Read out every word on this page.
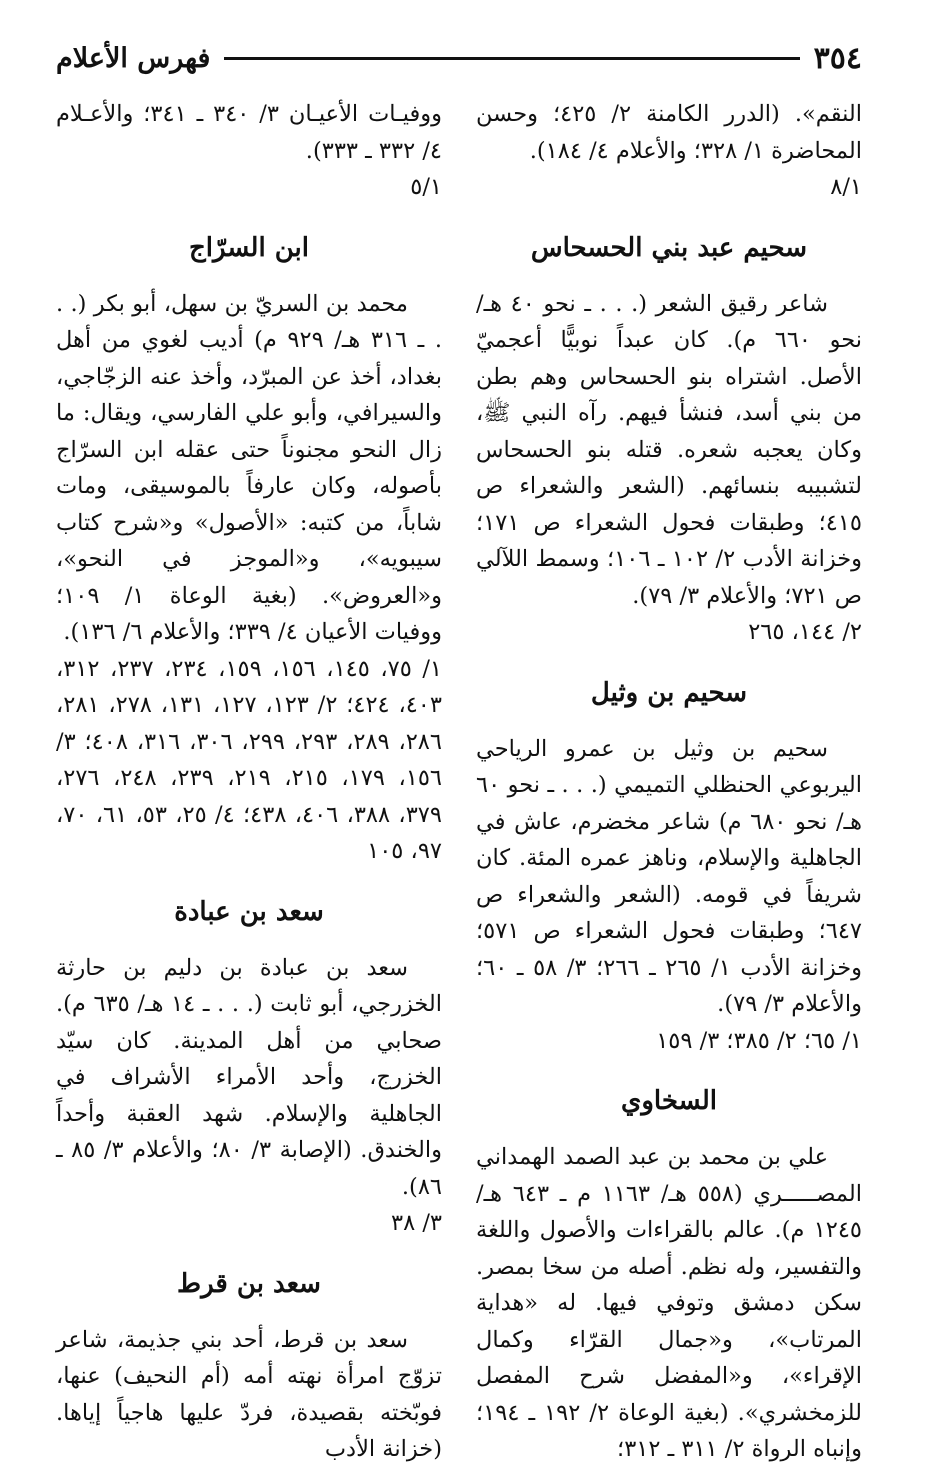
٣٥٤
فهرس الأعلام

النقم». (الدرر الكامنة ٢/ ٤٢٥؛ وحسن المحاضرة ١/ ٣٢٨؛ والأعلام ٤/ ١٨٤).

٨/١

سحيم عبد بني الحسحاس

شاعر رقيق الشعر (. . . ـ نحو ٤٠ هـ/ نحو ٦٦٠ م). كان عبداً نوبيًّا أعجميّ الأصل. اشتراه بنو الحسحاس وهم بطن من بني أسد، فنشأ فيهم. رآه النبي ﷺ، وكان يعجبه شعره. قتله بنو الحسحاس لتشبيبه بنسائهم. (الشعر والشعراء ص ٤١٥؛ وطبقات فحول الشعراء ص ١٧١؛ وخزانة الأدب ٢/ ١٠٢ ـ ١٠٦؛ وسمط اللآلي ص ٧٢١؛ والأعلام ٣/ ٧٩).

٢/ ١٤٤، ٢٦٥

سحيم بن وثيل

سحيم بن وثيل بن عمرو الرياحي اليربوعي الحنظلي التميمي (. . . ـ نحو ٦٠ هـ/ نحو ٦٨٠ م) شاعر مخضرم، عاش في الجاهلية والإسلام، وناهز عمره المئة. كان شريفاً في قومه. (الشعر والشعراء ص ٦٤٧؛ وطبقات فحول الشعراء ص ٥٧١؛ وخزانة الأدب ١/ ٢٦٥ ـ ٢٦٦؛ ٣/ ٥٨ ـ ٦٠؛ والأعلام ٣/ ٧٩).

١/ ٦٥؛ ٢/ ٣٨٥؛ ٣/ ١٥٩

السخاوي

علي بن محمد بن عبد الصمد الهمداني المصـــــري (٥٥٨ هـ/ ١١٦٣ م ـ ٦٤٣ هـ/ ١٢٤٥ م). عالم بالقراءات والأصول واللغة والتفسير، وله نظم. أصله من سخا بمصر. سكن دمشق وتوفي فيها. له «هداية المرتاب»، و«جمال القرّاء وكمال الإقراء»، و«المفضل شرح المفصل للزمخشري». (بغية الوعاة ٢/ ١٩٢ ـ ١٩٤؛ وإنباه الرواة ٢/ ٣١١ ـ ٣١٢؛

ووفيـات الأعيـان ٣/ ٣٤٠ ـ ٣٤١؛ والأعـلام ٤/ ٣٣٢ ـ ٣٣٣).

٥/١

ابن السرّاج

محمد بن السريّ بن سهل، أبو بكر (. . . ـ ٣١٦ هـ/ ٩٢٩ م) أديب لغوي من أهل بغداد، أخذ عن المبرّد، وأخذ عنه الزجّاجي، والسيرافي، وأبو علي الفارسي، ويقال: ما زال النحو مجنوناً حتى عقله ابن السرّاج بأصوله، وكان عارفاً بالموسيقى، ومات شاباً، من كتبه: «الأصول» و«شرح كتاب سيبويه»، و«الموجز في النحو»، و«العروض». (بغية الوعاة ١/ ١٠٩؛ ووفيات الأعيان ٤/ ٣٣٩؛ والأعلام ٦/ ١٣٦).

١/ ٧٥، ١٤٥، ١٥٦، ١٥٩، ٢٣٤، ٢٣٧، ٣١٢، ٤٠٣، ٤٢٤؛ ٢/ ١٢٣، ١٢٧، ١٣١، ٢٧٨، ٢٨١، ٢٨٦، ٢٨٩، ٢٩٣، ٢٩٩، ٣٠٦، ٣١٦، ٤٠٨؛ ٣/ ١٥٦، ١٧٩، ٢١٥، ٢١٩، ٢٣٩، ٢٤٨، ٢٧٦، ٣٧٩، ٣٨٨، ٤٠٦، ٤٣٨؛ ٤/ ٢٥، ٥٣، ٦١، ٧٠، ٩٧، ١٠٥

سعد بن عبادة

سعد بن عبادة بن دليم بن حارثة الخزرجي، أبو ثابت (. . . ـ ١٤ هـ/ ٦٣٥ م). صحابي من أهل المدينة. كان سيّد الخزرج، وأحد الأمراء الأشراف في الجاهلية والإسلام. شهد العقبة وأحداً والخندق. (الإصابة ٣/ ٨٠؛ والأعلام ٣/ ٨٥ ـ ٨٦).

٣/ ٣٨

سعد بن قرط

سعد بن قرط، أحد بني جذيمة، شاعر تزوّج امرأة نهته أمه (أم النحيف) عنها، فوبّخته بقصيدة، فردّ عليها هاجياً إياها. (خزانة الأدب
